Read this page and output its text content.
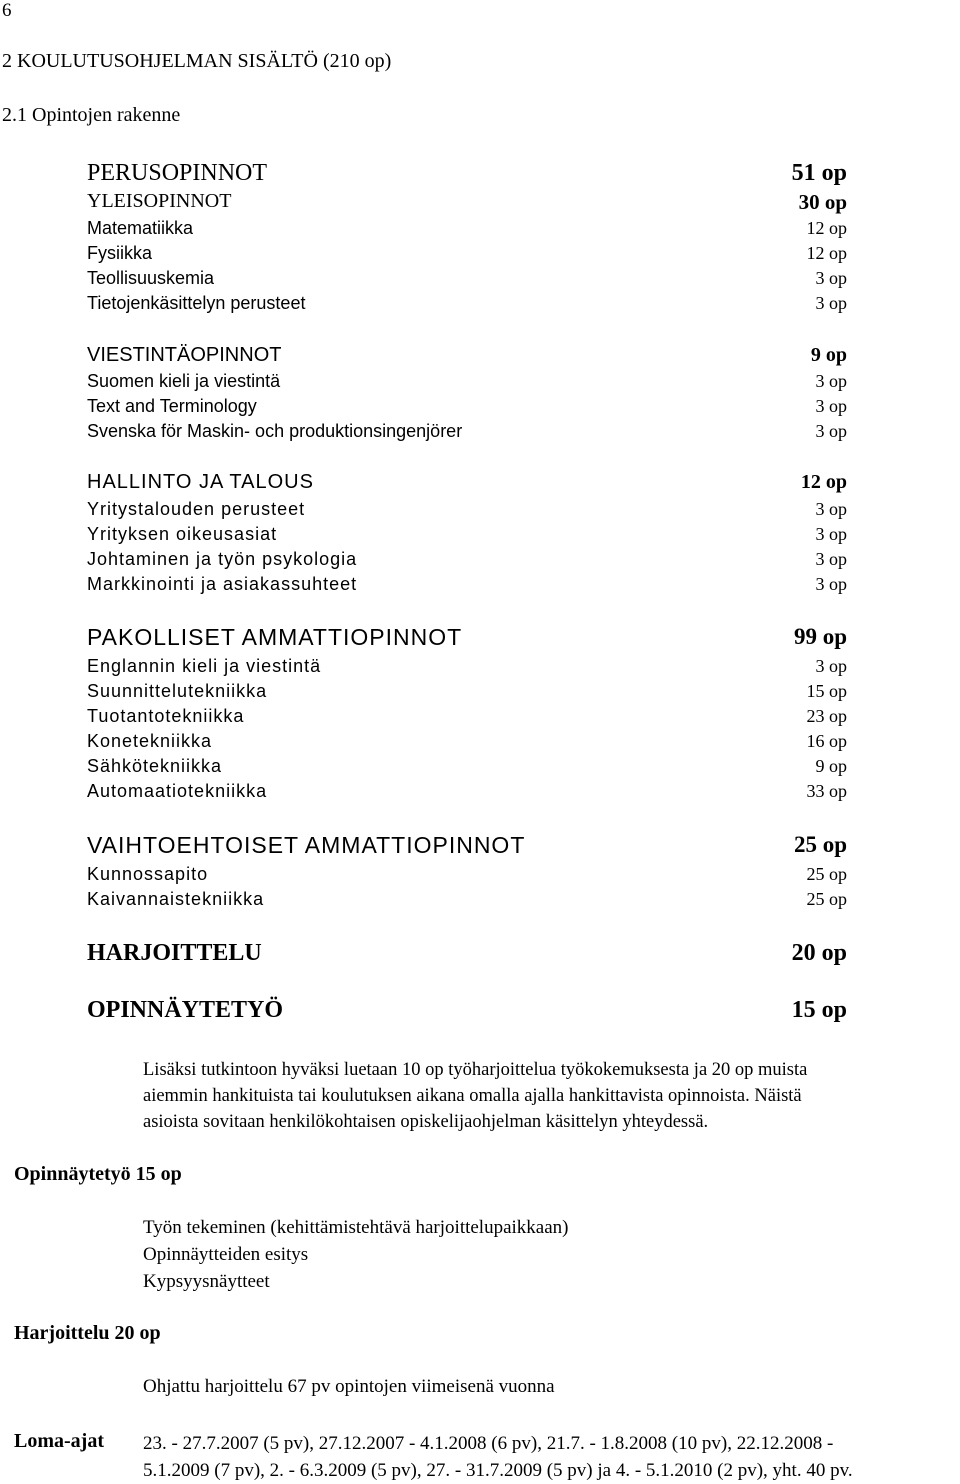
6
2 KOULUTUSOHJELMAN SISÄLTÖ (210 op)
2.1 Opintojen rakenne
PERUSOPINNOT	51 op
YLEISOPINNOT	30 op
Matematiikka	12 op
Fysiikka	12 op
Teollisuuskemia	3 op
Tietojenkäsittelyn perusteet	3 op
VIESTINTÄOPINNOT	9 op
Suomen kieli ja viestintä	3 op
Text and Terminology	3 op
Svenska för Maskin- och produktionsingenjörer	3 op
HALLINTO JA TALOUS	12 op
Yritystalouden perusteet	3 op
Yrityksen oikeusasiat	3 op
Johtaminen ja työn psykologia	3 op
Markkinointi ja asiakassuhteet	3 op
PAKOLLISET AMMATTIOPINNOT	99 op
Englannin kieli ja viestintä	3 op
Suunnittelutekniikka	15 op
Tuotantotekniikka	23 op
Konetekniikka	16 op
Sähkötekniikka	9 op
Automaatiotekniikka	33 op
VAIHTOEHTOISET AMMATTIOPINNOT	25 op
Kunnossapito	25 op
Kaivannaistekniikka	25 op
HARJOITTELU	20 op
OPINNÄYTETYÖ	15 op
Lisäksi tutkintoon hyväksi luetaan 10 op työharjoittelua työkokemuksesta ja 20 op muista
aiemmin hankituista tai koulutuksen aikana omalla ajalla hankittavista opinnoista. Näistä
asioista sovitaan henkilökohtaisen opiskelijaohjelman käsittelyn yhteydessä.
Opinnäytetyö 15 op
Työn tekeminen (kehittämistehtävä harjoittelupaikkaan)
Opinnäytteiden esitys
Kypsyysnäytteet
Harjoittelu 20 op
Ohjattu harjoittelu 67 pv opintojen viimeisenä vuonna
Loma-ajat 23. - 27.7.2007 (5 pv), 27.12.2007 - 4.1.2008 (6 pv), 21.7. - 1.8.2008 (10 pv), 22.12.2008 -
5.1.2009 (7 pv), 2. - 6.3.2009 (5 pv), 27. - 31.7.2009 (5 pv) ja 4. - 5.1.2010 (2 pv), yht. 40 pv.
